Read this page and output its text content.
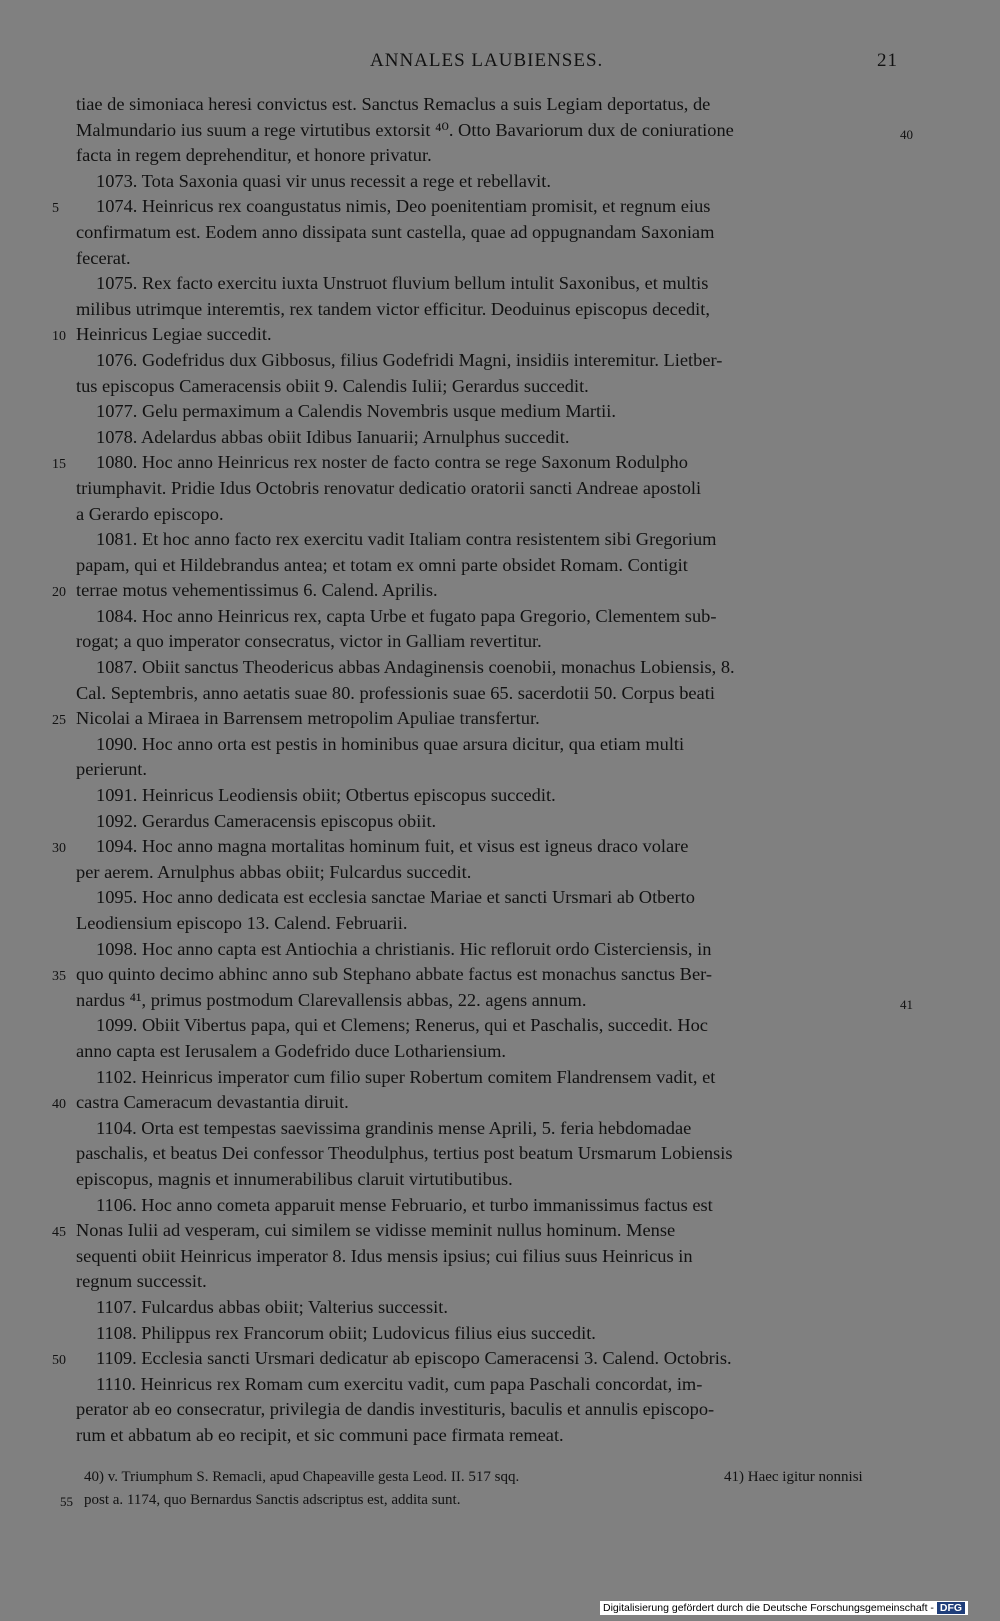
ANNALES LAUBIENSES.	21
tiae de simoniaca heresi convictus est. Sanctus Remaclus a suis Legiam deportatus, de
Malmundario ius suum a rege virtutibus extorsit ⁴⁰. Otto Bavariorum dux de coniuratione	40
facta in regem deprehenditur, et honore privatur.
1073. Tota Saxonia quasi vir unus recessit a rege et rebellavit.
5	1074. Heinricus rex coangustatus nimis, Deo poenitentiam promisit, et regnum eius
confirmatum est. Eodem anno dissipata sunt castella, quae ad oppugnandam Saxoniam
fecerat.
1075. Rex facto exercitu iuxta Unstruot fluvium bellum intulit Saxonibus, et multis
milibus utrimque interemtis, rex tandem victor efficitur. Deoduinus episcopus decedit,
10 Heinricus Legiae succedit.
1076. Godefridus dux Gibbosus, filius Godefridi Magni, insidiis interemitur. Lietber-
tus episcopus Cameracensis obiit 9. Calendis Iulii; Gerardus succedit.
1077. Gelu permaximum a Calendis Novembris usque medium Martii.
1078. Adelardus abbas obiit Idibus Ianuarii; Arnulphus succedit.
15	1080. Hoc anno Heinricus rex noster de facto contra se rege Saxonum Rodulpho
triumphavit. Pridie Idus Octobris renovatur dedicatio oratorii sancti Andreae apostoli
a Gerardo episcopo.
1081. Et hoc anno facto rex exercitu vadit Italiam contra resistentem sibi Gregorium
papam, qui et Hildebrandus antea; et totam ex omni parte obsidet Romam. Contigit
20 terrae motus vehementissimus 6. Calend. Aprilis.
1084. Hoc anno Heinricus rex, capta Urbe et fugato papa Gregorio, Clementem sub-
rogat; a quo imperator consecratus, victor in Galliam revertitur.
1087. Obiit sanctus Theodericus abbas Andaginensis coenobii, monachus Lobiensis, 8.
Cal. Septembris, anno aetatis suae 80. professionis suae 65. sacerdotii 50. Corpus beati
25 Nicolai a Miraea in Barrensem metropolim Apuliae transfertur.
1090. Hoc anno orta est pestis in hominibus quae arsura dicitur, qua etiam multi
perierunt.
1091. Heinricus Leodiensis obiit; Otbertus episcopus succedit.
1092. Gerardus Cameracensis episcopus obiit.
30	1094. Hoc anno magna mortalitas hominum fuit, et visus est igneus draco volare
per aerem. Arnulphus abbas obiit; Fulcardus succedit.
1095. Hoc anno dedicata est ecclesia sanctae Mariae et sancti Ursmari ab Otberto
Leodiensium episcopo 13. Calend. Februarii.
1098. Hoc anno capta est Antiochia a christianis. Hic refloruit ordo Cisterciensis, in
35 quo quinto decimo abhinc anno sub Stephano abbate factus est monachus sanctus Ber-
nardus ⁴¹, primus postmodum Clarevallensis abbas, 22. agens annum.	41
1099. Obiit Vibertus papa, qui et Clemens; Renerus, qui et Paschalis, succedit. Hoc
anno capta est Ierusalem a Godefrido duce Lothariensium.
1102. Heinricus imperator cum filio super Robertum comitem Flandrensem vadit, et
40 castra Cameracum devastantia diruit.
1104. Orta est tempestas saevissima grandinis mense Aprili, 5. feria hebdomadae
paschalis, et beatus Dei confessor Theodulphus, tertius post beatum Ursmarum Lobiensis
episcopus, magnis et innumerabilibus claruit virtutibutibus.
1106. Hoc anno cometa apparuit mense Februario, et turbo immanissimus factus est
45 Nonas Iulii ad vesperam, cui similem se vidisse meminit nullus hominum. Mense
sequenti obiit Heinricus imperator 8. Idus mensis ipsius; cui filius suus Heinricus in
regnum successit.
1107. Fulcardus abbas obiit; Valterius successit.
1108. Philippus rex Francorum obiit; Ludovicus filius eius succedit.
50	1109. Ecclesia sancti Ursmari dedicatur ab episcopo Cameracensi 3. Calend. Octobris.
1110. Heinricus rex Romam cum exercitu vadit, cum papa Paschali concordat, im-
perator ab eo consecratur, privilegia de dandis investituris, baculis et annulis episcopo-
rum et abbatum ab eo recipit, et sic communi pace firmata remeat.
40) v. Triumphum S. Remacli, apud Chapeaville gesta Leod. II. 517 sqq.	41) Haec igitur nonnisi
55 post a. 1174, quo Bernardus Sanctis adscriptus est, addita sunt.
Digitalisierung gefördert durch die Deutsche Forschungsgemeinschaft - DFG
